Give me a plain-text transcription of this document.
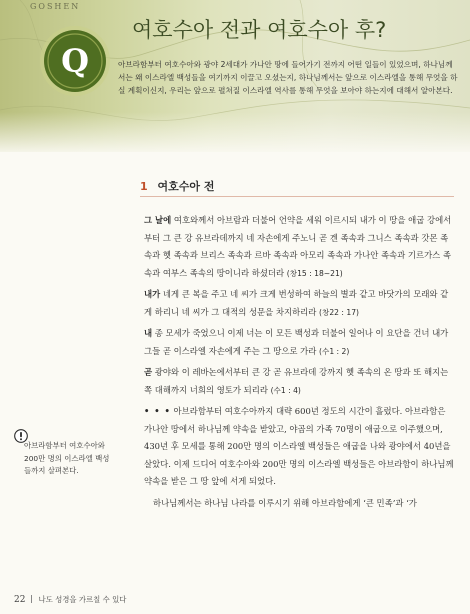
GOSHEN
Q
여호수아 전과 여호수아 후?

아브라함부터 여호수아와 광야 2세대가 가나안 땅에 들어가기 전까지 어떤 일들이 있었으며, 하나님께서는 왜 이스라엘 백성들을 여기까지 이끌고 오셨는지, 하나님께서는 앞으로 이스라엘을 통해 무엇을 하실 계획이신지, 우리는 앞으로 펼쳐질 이스라엘 역사를 통해 무엇을 보아야 하는지에 대해서 알아본다.

1 여호수아 전

그 날에 여호와께서 아브람과 더불어 언약을 세워 이르시되 내가 이 땅을 애굽 강에서부터 그 큰 강 유브라데까지 네 자손에게 주노니 곧 겐 족속과 그니스 족속과 갓몬 족속과 헷 족속과 브리스 족속과 르바 족속과 아모리 족속과 가나안 족속과 기르가스 족속과 여부스 족속의 땅이니라 하셨더라 (창15 : 18~21)

내가 네게 큰 복을 주고 네 씨가 크게 번성하여 하늘의 별과 같고 바닷가의 모래와 같게 하리니 네 씨가 그 대적의 성문을 차지하리라 (창22 : 17)

내 종 모세가 죽었으니 이제 너는 이 모든 백성과 더불어 일어나 이 요단을 건너 내가 그들 곧 이스라엘 자손에게 주는 그 땅으로 가라 (수1 : 2)

곧 광야와 이 레바논에서부터 큰 강 곧 유브라데 강까지 헷 족속의 온 땅과 또 해지는 쪽 대해까지 너희의 영토가 되리라 (수1 : 4)

• • • 아브라함부터 여호수아까지 대략 600년 정도의 시간이 흘렀다. 아브라함은 가나안 땅에서 하나님께 약속을 받았고, 야곱의 가족 70명이 애굽으로 이주했으며, 430년 후 모세를 통해 200만 명의 이스라엘 백성들은 애굽을 나와 광야에서 40년을 살았다. 이제 드디어 여호수아와 200만 명의 이스라엘 백성들은 아브라함이 하나님께 약속을 받은 그 땅 앞에 서게 되었다.

하나님께서는 하나님 나라를 이루시기 위해 아브라함에게 ‘큰 민족’과 ‘가

아브라함부터 여호수아와
200만 명의 이스라엘 백성
들까지 살펴본다.

22 나도 성경을 가르칠 수 있다
